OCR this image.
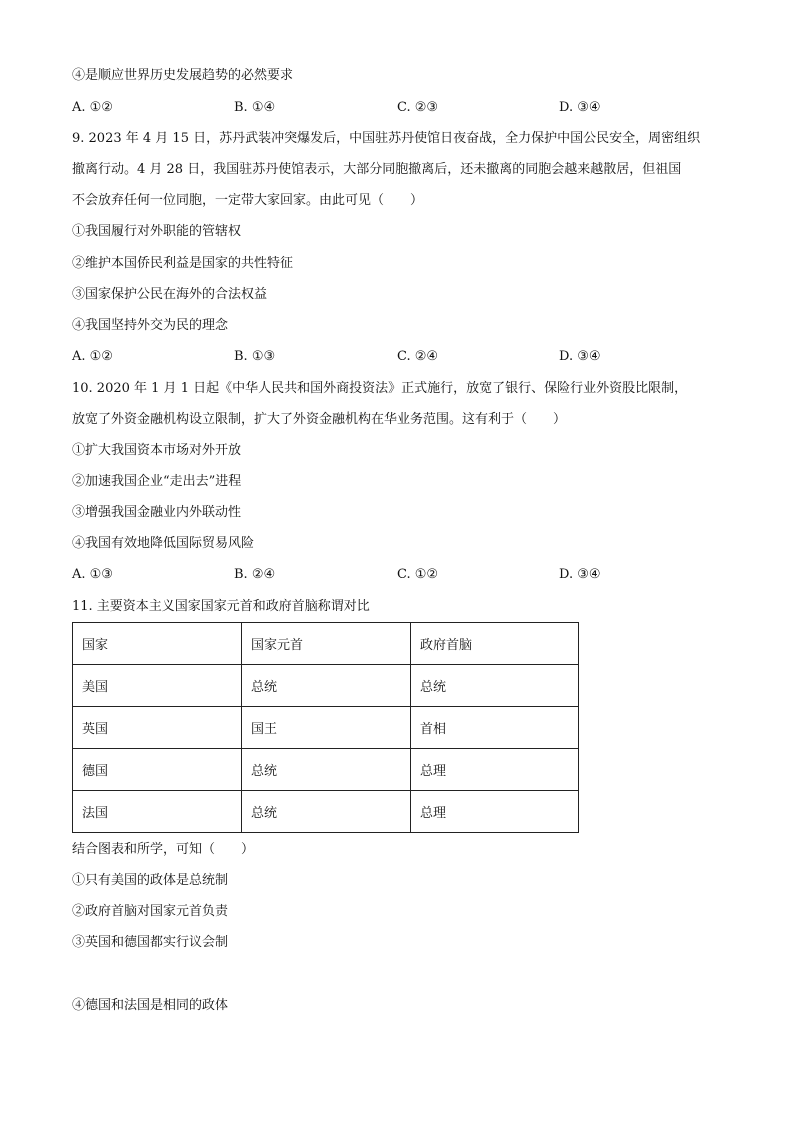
④是顺应世界历史发展趋势的必然要求
A. ①②	B. ①④	C. ②③	D. ③④
9. 2023 年 4 月 15 日，苏丹武装冲突爆发后，中国驻苏丹使馆日夜奋战，全力保护中国公民安全，周密组织
撤离行动。4 月 28 日，我国驻苏丹使馆表示，大部分同胞撤离后，还未撤离的同胞会越来越散居，但祖国
不会放弃任何一位同胞，一定带大家回家。由此可见（　　）
①我国履行对外职能的管辖权
②维护本国侨民利益是国家的共性特征
③国家保护公民在海外的合法权益
④我国坚持外交为民的理念
A. ①②	B. ①③	C. ②④	D. ③④
10. 2020 年 1 月 1 日起《中华人民共和国外商投资法》正式施行，放宽了银行、保险行业外资股比限制，
放宽了外资金融机构设立限制，扩大了外资金融机构在华业务范围。这有利于（　　）
①扩大我国资本市场对外开放
②加速我国企业“走出去”进程
③增强我国金融业内外联动性
④我国有效地降低国际贸易风险
A. ①③	B. ②④	C. ①②	D. ③④
11. 主要资本主义国家国家元首和政府首脑称谓对比
国家	国家元首	政府首脑
美国	总统	总统
英国	国王	首相
德国	总统	总理
法国	总统	总理
结合图表和所学，可知（　　）
①只有美国的政体是总统制
②政府首脑对国家元首负责
③英国和德国都实行议会制
④德国和法国是相同的政体
